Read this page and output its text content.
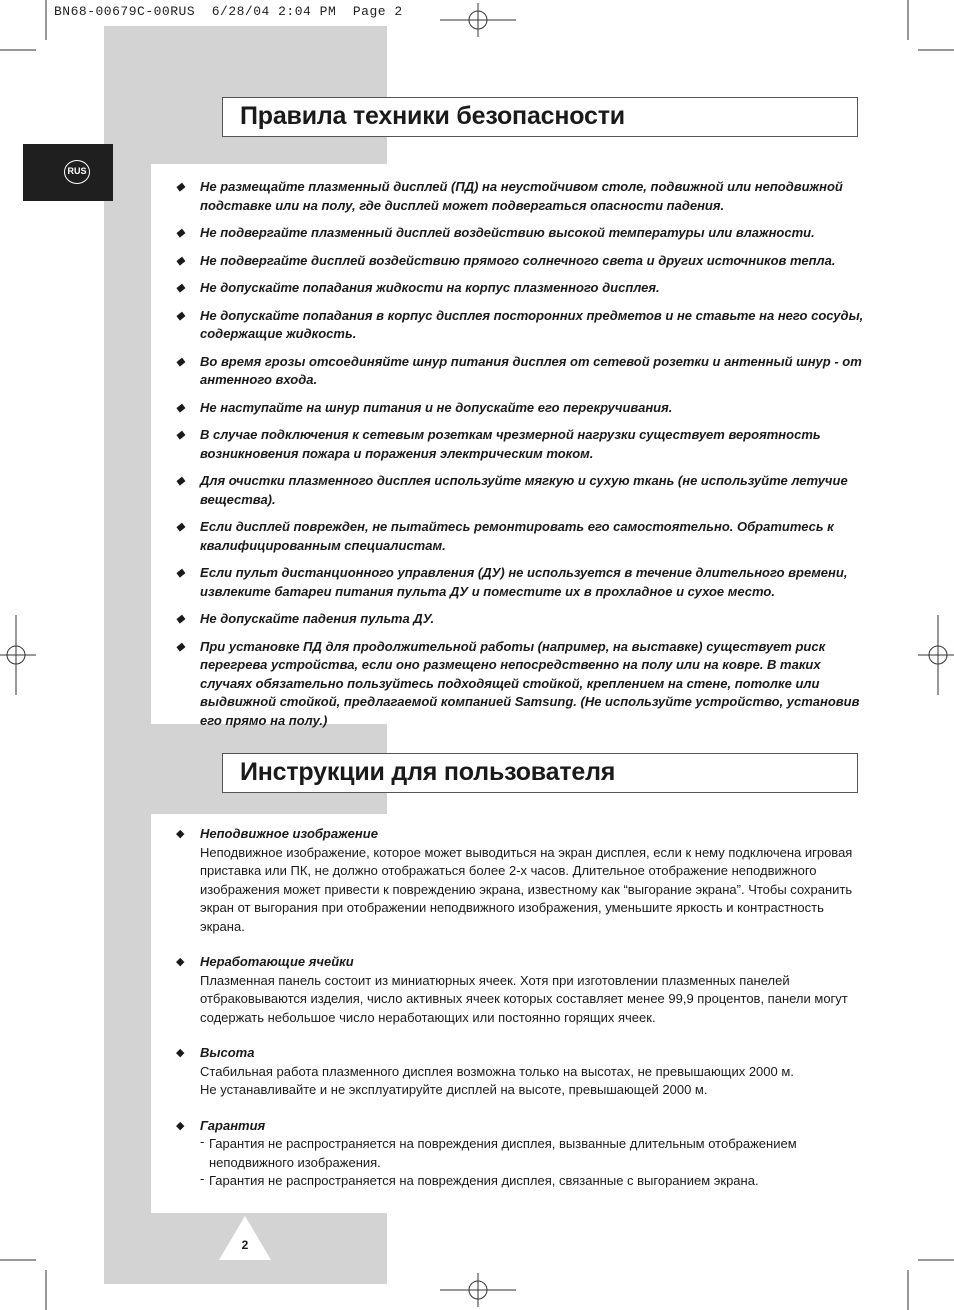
BN68-00679C-00RUS  6/28/04 2:04 PM  Page 2
RUS
Правила техники безопасности
◆ Не размещайте плазменный дисплей (ПД) на неустойчивом столе, подвижной или неподвижной подставке или на полу, где дисплей может подвергаться опасности падения.
◆ Не подвергайте плазменный дисплей воздействию высокой температуры или влажности.
◆ Не подвергайте дисплей воздействию прямого солнечного света и других источников тепла.
◆ Не допускайте попадания жидкости на корпус плазменного дисплея.
◆ Не допускайте попадания в корпус дисплея посторонних предметов и не ставьте на него сосуды, содержащие жидкость.
◆ Во время грозы отсоединяйте шнур питания дисплея от сетевой розетки и антенный шнур - от антенного входа.
◆ Не наступайте на шнур питания и не допускайте его перекручивания.
◆ В случае подключения к сетевым розеткам чрезмерной нагрузки существует вероятность возникновения пожара и поражения электрическим током.
◆ Для очистки плазменного дисплея используйте мягкую и сухую ткань (не используйте летучие вещества).
◆ Если дисплей поврежден, не пытайтесь ремонтировать его самостоятельно. Обратитесь к квалифицированным специалистам.
◆ Если пульт дистанционного управления (ДУ) не используется в течение длительного времени, извлеките батареи питания пульта ДУ и поместите их в прохладное и сухое место.
◆ Не допускайте падения пульта ДУ.
◆ При установке ПД для продолжительной работы (например, на выставке) существует риск перегрева устройства, если оно размещено непосредственно на полу или на ковре. В таких случаях обязательно пользуйтесь подходящей стойкой, креплением на стене, потолке или выдвижной стойкой, предлагаемой компанией Samsung. (Не используйте устройство, установив его прямо на полу.)
Инструкции для пользователя
◆ Неподвижное изображение
Неподвижное изображение, которое может выводиться на экран дисплея, если к нему подключена игровая приставка или ПК, не должно отображаться более 2-х часов. Длительное отображение неподвижного изображения может привести к повреждению экрана, известному как “выгорание экрана”. Чтобы сохранить экран от выгорания при отображении неподвижного изображения, уменьшите яркость и контрастность экрана.
◆ Неработающие ячейки
Плазменная панель состоит из миниатюрных ячеек. Хотя при изготовлении плазменных панелей отбраковываются изделия, число активных ячеек которых составляет менее 99,9 процентов, панели могут содержать небольшое число неработающих или постоянно горящих ячеек.
◆ Высота
Стабильная работа плазменного дисплея возможна только на высотах, не превышающих 2000 м.
Не устанавливайте и не эксплуатируйте дисплей на высоте, превышающей 2000 м.
◆ Гарантия
- Гарантия не распространяется на повреждения дисплея, вызванные длительным отображением неподвижного изображения.
- Гарантия не распространяется на повреждения дисплея, связанные с выгоранием экрана.
2
